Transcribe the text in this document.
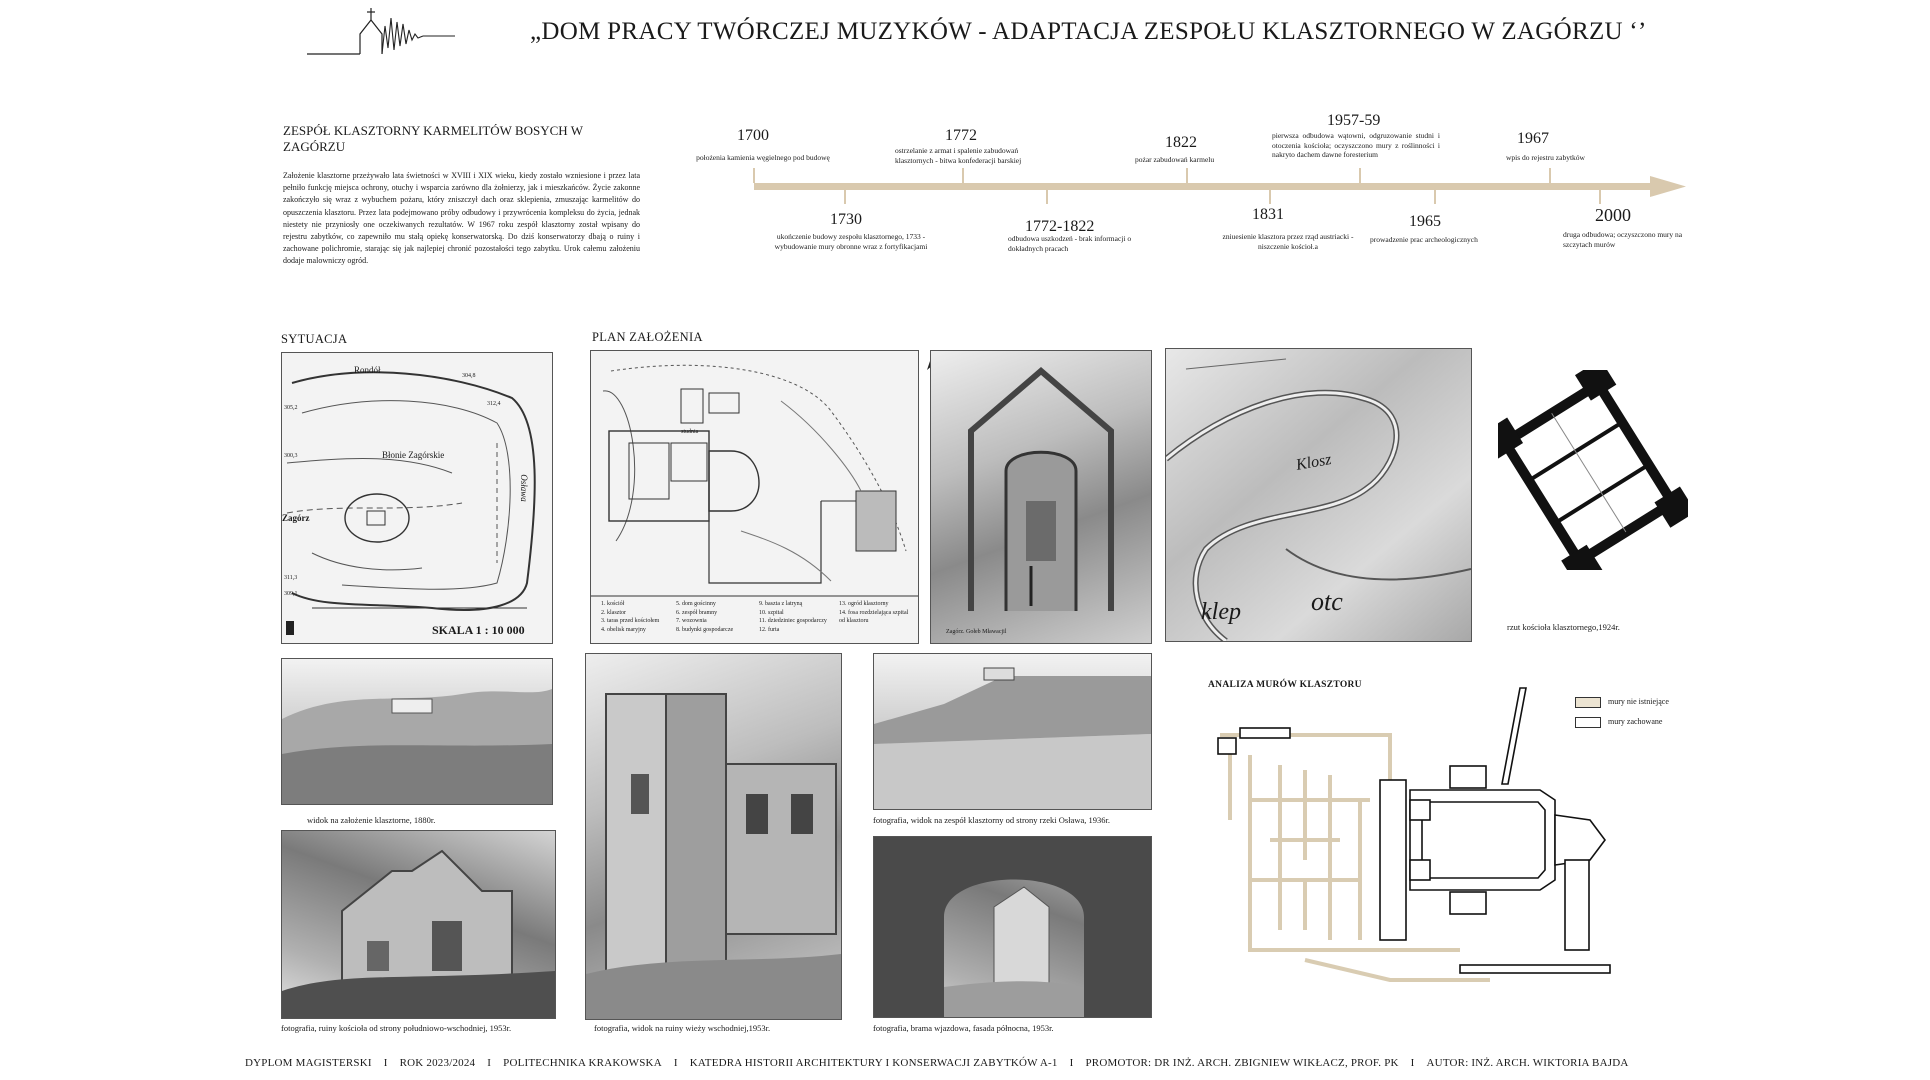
„DOM PRACY TWÓRCZEJ MUZYKÓW - ADAPTACJA ZESPOŁU KLASZTORNEGO W ZAGÓRZU ‘’
ZESPÓŁ KLASZTORNY KARMELITÓW BOSYCH W ZAGÓRZU
Założenie klasztorne przeżywało lata świetności w XVIII i XIX wieku, kiedy zostało wzniesione i przez lata pełniło funkcję miejsca ochrony, otuchy i wsparcia zarówno dla żołnierzy, jak i mieszkańców. Życie zakonne zakończyło się wraz z wybuchem pożaru, który zniszczył dach oraz sklepienia, zmuszając karmelitów do opuszczenia klasztoru. Przez lata podejmowano próby odbudowy i przywrócenia kompleksu do życia, jednak niestety nie przyniosły one oczekiwanych rezultatów. W 1967 roku zespół klasztorny został wpisany do rejestru zabytków, co zapewniło mu stałą opiekę konserwatorską. Do dziś konserwatorzy dbają o ruiny i zachowane polichromie, starając się jak najlepiej chronić pozostałości tego zabytku. Urok całemu założeniu dodaje malowniczy ogród.
1700
położenia kamienia węgielnego pod budowę
1772
ostrzelanie z armat i spalenie zabudowań klasztornych - bitwa konfederacji barskiej
1822
pożar zabudowań karmelu
1957-59
pierwsza odbudowa wątowni, odgruzowanie studni i otoczenia kościoła; oczyszczono mury z roślinności i nakryto dachem dawne foresterium
1967
wpis do rejestru zabytków
1730
ukończenie budowy zespołu klasztornego, 1733 - wybudowanie mury obronne wraz z fortyfikacjami
1772-1822
odbudowa uszkodzeń - brak informacji o dokładnych pracach
1831
zniuesienie klasztora przez rząd austriacki - niszczenie kościoł.a
1965
prowadzenie prac archeologicznych
2000
druga odbudowa; oczyszczono mury na szczytach murów
SYTUACJA	PLAN ZAŁOŻENIA
ANALIZA MURÓW KLASZTORU
Rondół
Błonie Zagórskie
Osława
Zagórz
305,2
304,8
312,4
300,3
311,3
309,1
SKALA 1 : 10 000
studnia
1. kościół
2. klasztor
3. taras przed kościołem
4. obelisk maryjny
5. dom gościnny
6. zespół bramny
7. wozownia
8. budynki gospodarcze
9. baszta z latryną
10. szpital
11. dziedziniec gospodarczy
12. furta
13. ogród klasztorny
14. fosa rozdzielająca szpital od klasztoru
Zagórz. Gołeb Mławacjil
Klosz
klep	otc
rzut kościoła klasztornego,1924r.
widok na założenie klasztorne, 1880r.
fotografia, ruiny kościoła od strony południowo-wschodniej, 1953r.	fotografia, widok na ruiny wieży wschodniej,1953r.
fotografia, widok na zespół klasztorny od strony rzeki Osława, 1936r.
fotografia, brama wjazdowa, fasada północna, 1953r.
mury nie istniejące
mury zachowane
DYPLOM MAGISTERSKI I ROK 2023/2024 I POLITECHNIKA KRAKOWSKA I KATEDRA HISTORII ARCHITEKTURY I KONSERWACJI ZABYTKÓW A-1 I PROMOTOR: DR INŻ. ARCH. ZBIGNIEW WIKŁACZ, PROF. PK I AUTOR: INŻ. ARCH. WIKTORIA BAJDA
